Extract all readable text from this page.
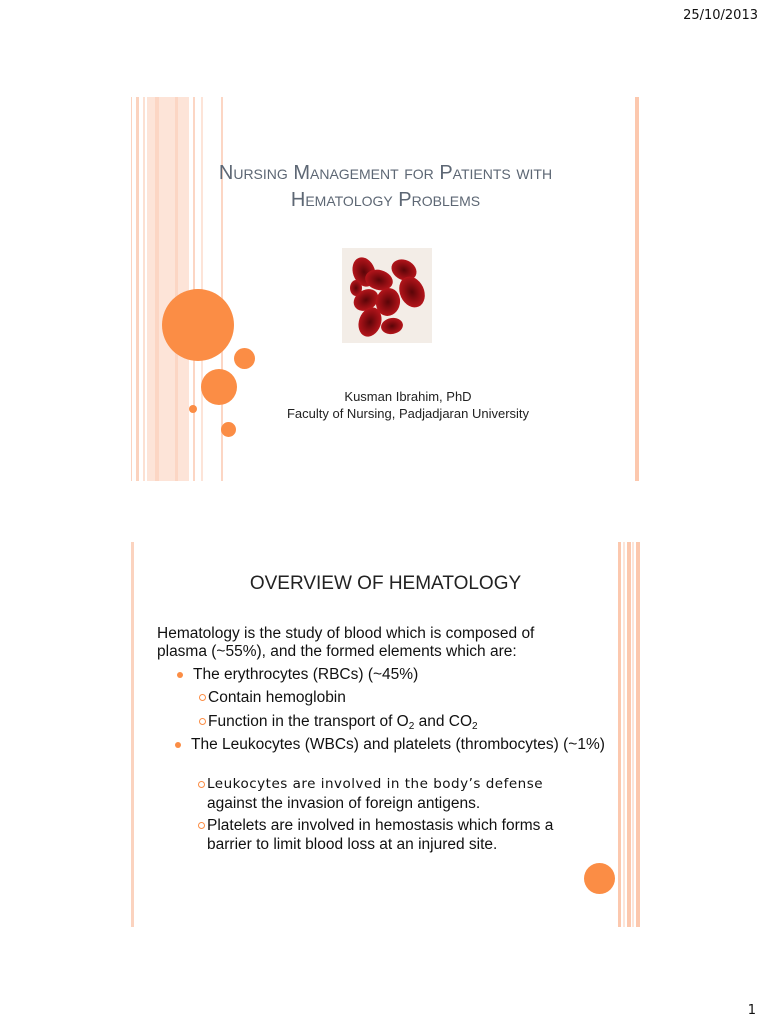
25/10/2013
Nursing Management for Patients with
Hematology Problems
Kusman Ibrahim, PhD
Faculty of Nursing, Padjadjaran University
OVERVIEW OF HEMATOLOGY
Hematology is the study of blood which is composed of plasma (~55%), and the formed elements which are:
The erythrocytes (RBCs) (~45%)
Contain hemoglobin
Function in the transport of $O_2$ and $CO_2$
The Leukocytes (WBCs) and platelets (thrombocytes) (~1%)
Leukocytes are involved in the body’s defense
against the invasion of foreign antigens.
Platelets are involved in hemostasis which forms a
barrier to limit blood loss at an injured site.
1
